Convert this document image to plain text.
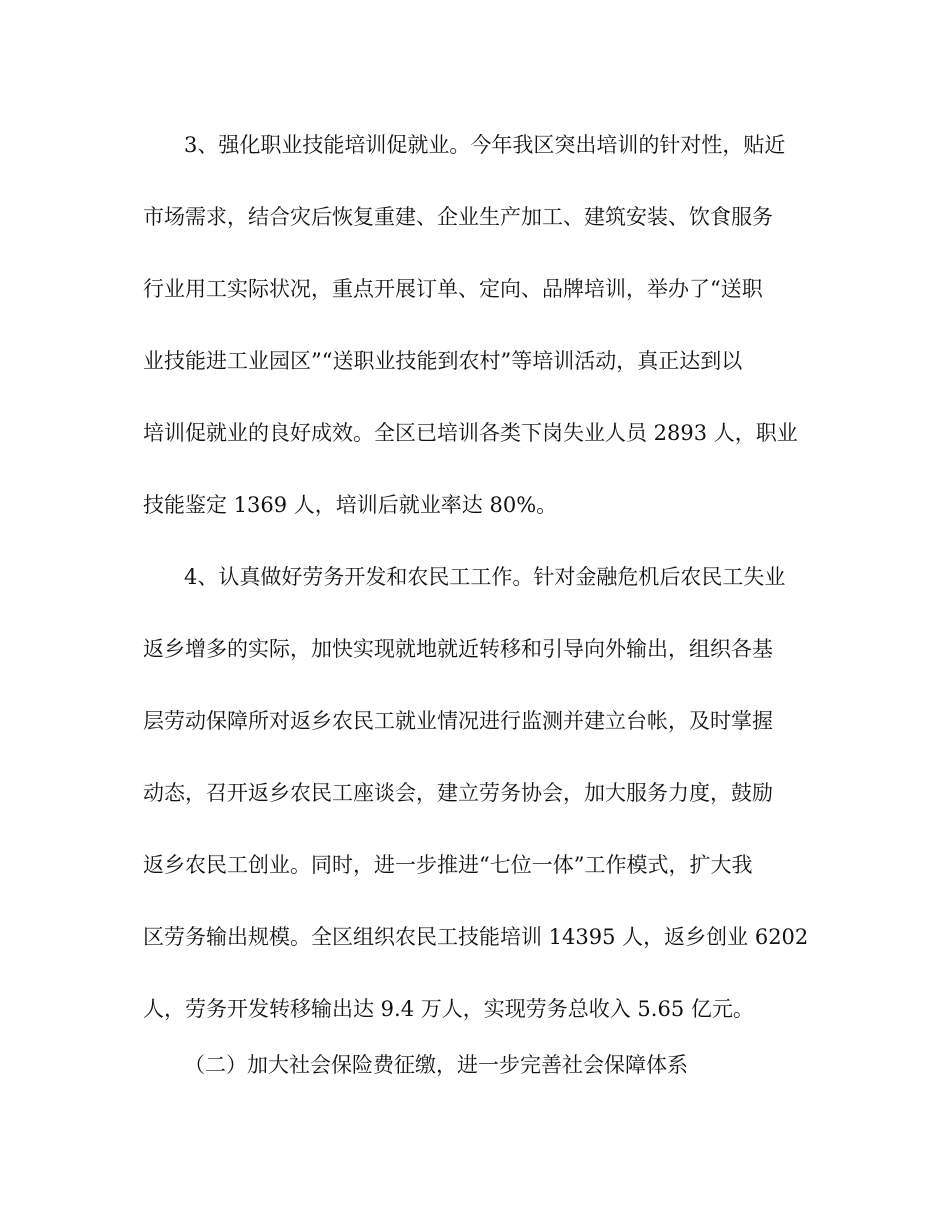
3、强化职业技能培训促就业。今年我区突出培训的针对性，贴近
市场需求，结合灾后恢复重建、企业生产加工、建筑安装、饮食服务
行业用工实际状况，重点开展订单、定向、品牌培训，举办了“送职
业技能进工业园区”“送职业技能到农村”等培训活动，真正达到以
培训促就业的良好成效。全区已培训各类下岗失业人员 2893 人，职业
技能鉴定 1369 人，培训后就业率达 80%。
4、认真做好劳务开发和农民工工作。针对金融危机后农民工失业
返乡增多的实际，加快实现就地就近转移和引导向外输出，组织各基
层劳动保障所对返乡农民工就业情况进行监测并建立台帐，及时掌握
动态，召开返乡农民工座谈会，建立劳务协会，加大服务力度，鼓励
返乡农民工创业。同时，进一步推进“七位一体”工作模式，扩大我
区劳务输出规模。全区组织农民工技能培训 14395 人，返乡创业 6202
人，劳务开发转移输出达 9.4 万人，实现劳务总收入 5.65 亿元。
（二）加大社会保险费征缴，进一步完善社会保障体系
